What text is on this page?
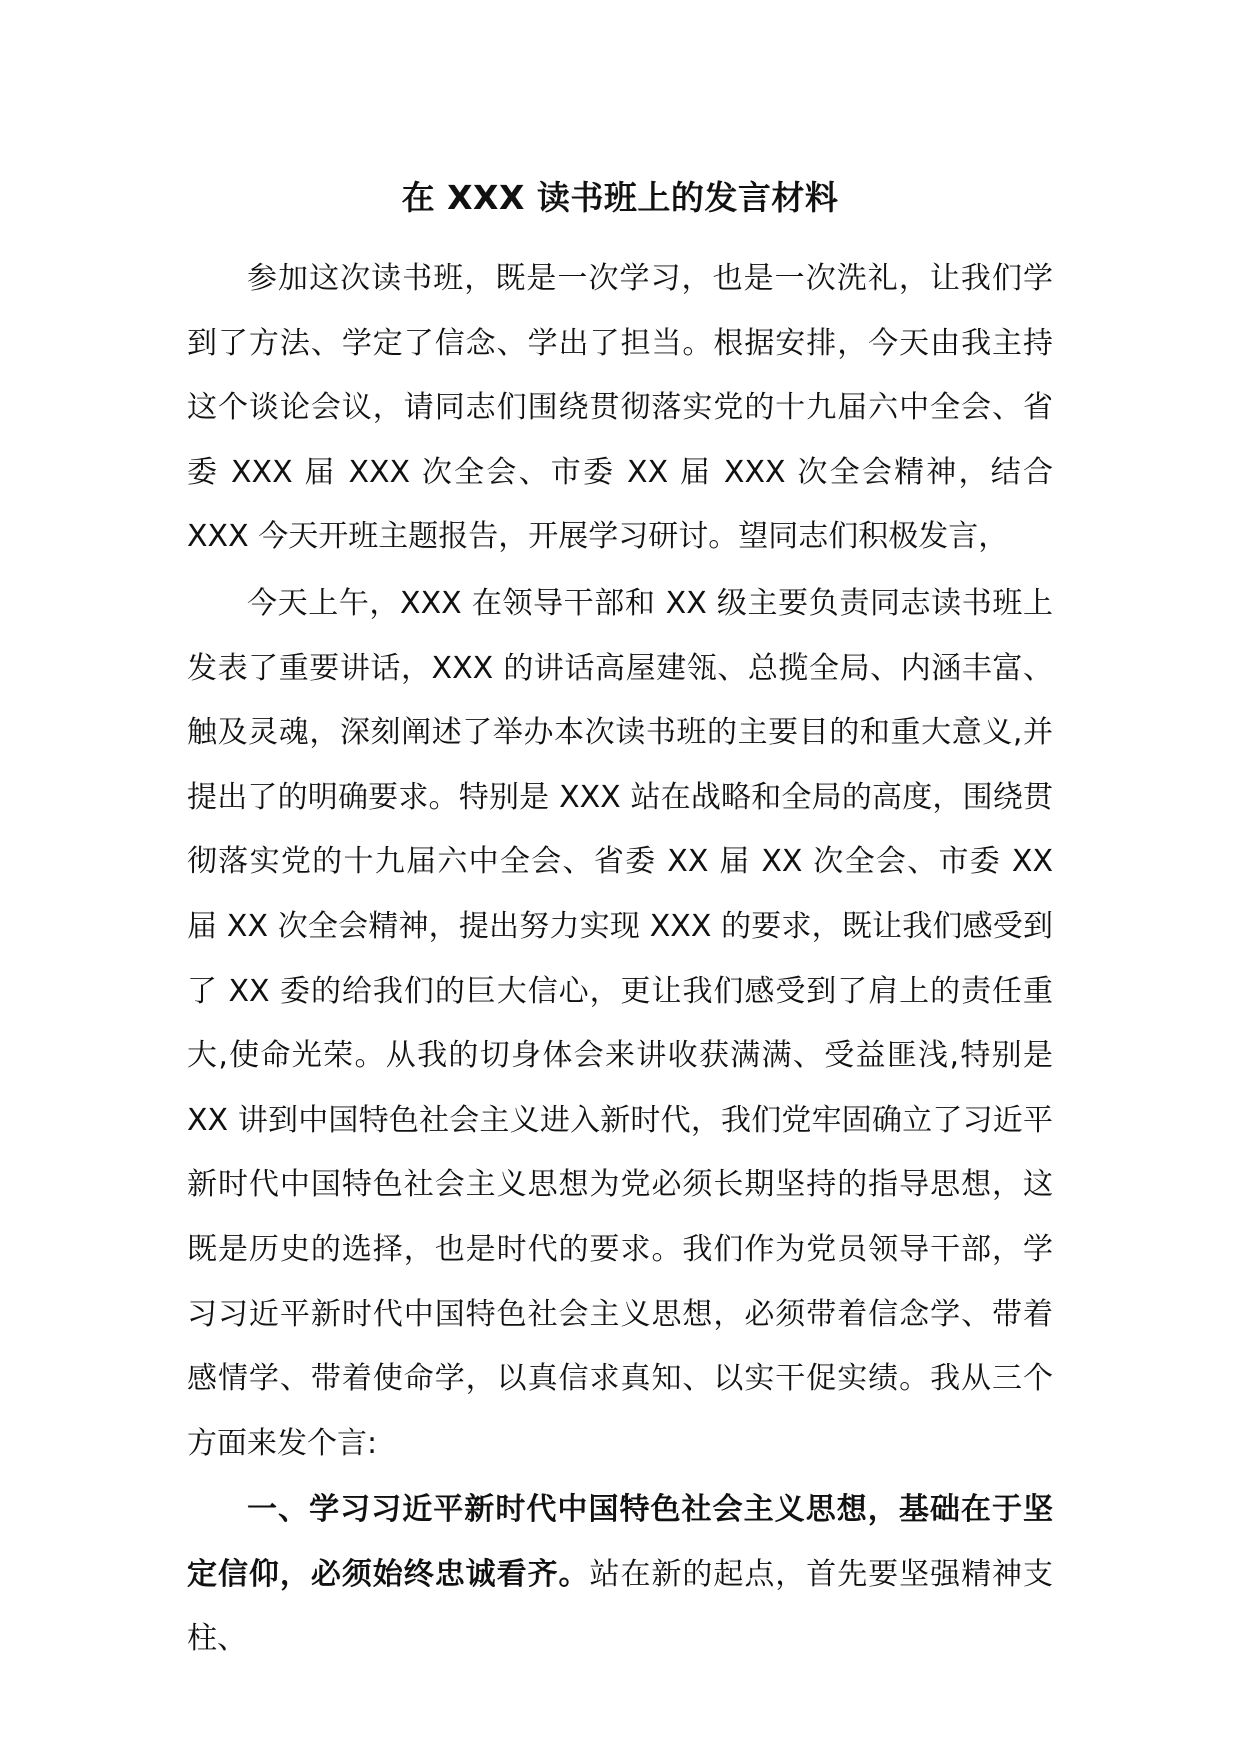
在 XXX 读书班上的发言材料

参加这次读书班，既是一次学习，也是一次洗礼，让我们学到了方法、学定了信念、学出了担当。根据安排，今天由我主持这个谈论会议，请同志们围绕贯彻落实党的十九届六中全会、省委 XXX 届 XXX 次全会、市委 XX 届 XXX 次全会精神，结合 XXX 今天开班主题报告，开展学习研讨。望同志们积极发言，

今天上午，XXX 在领导干部和 XX 级主要负责同志读书班上发表了重要讲话，XXX 的讲话高屋建瓴、总揽全局、内涵丰富、触及灵魂，深刻阐述了举办本次读书班的主要目的和重大意义,并提出了的明确要求。特别是 XXX 站在战略和全局的高度，围绕贯彻落实党的十九届六中全会、省委 XX 届 XX 次全会、市委 XX 届 XX 次全会精神，提出努力实现 XXX 的要求，既让我们感受到了 XX 委的给我们的巨大信心，更让我们感受到了肩上的责任重大,使命光荣。从我的切身体会来讲收获满满、受益匪浅,特别是 XX 讲到中国特色社会主义进入新时代，我们党牢固确立了习近平新时代中国特色社会主义思想为党必须长期坚持的指导思想，这既是历史的选择，也是时代的要求。我们作为党员领导干部，学习习近平新时代中国特色社会主义思想，必须带着信念学、带着感情学、带着使命学，以真信求真知、以实干促实绩。我从三个方面来发个言:

一、学习习近平新时代中国特色社会主义思想，基础在于坚定信仰，必须始终忠诚看齐。站在新的起点，首先要坚强精神支柱、
